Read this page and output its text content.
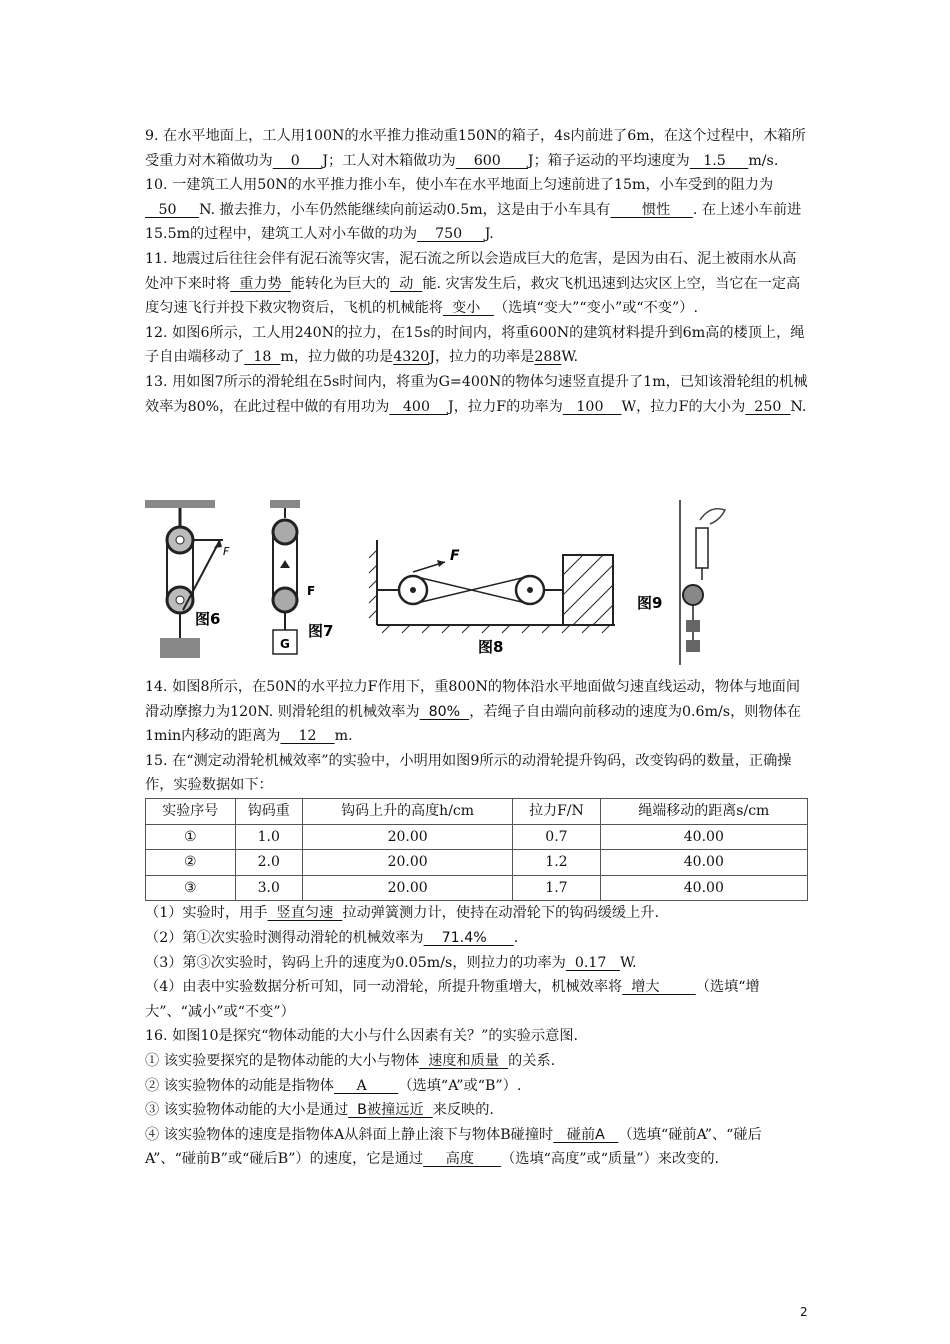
9. 在水平地面上，工人用100N的水平推力推动重150N的箱子，4s内前进了6m，在这个过程中，木箱所受重力对木箱做功为    0     J；工人对木箱做功为    600      J；箱子运动的平均速度为   1.5     m/s.

10. 一建筑工人用50N的水平推力推小车，使小车在水平地面上匀速前进了15m，小车受到的阻力为   50     N. 撤去推力，小车仍然能继续向前运动0.5m，这是由于小车具有       惯性     . 在上述小车前进15.5m的过程中，建筑工人对小车做的功为    750     J.

11. 地震过后往往会伴有泥石流等灾害，泥石流之所以会造成巨大的危害，是因为由石、泥土被雨水从高处冲下来时将  重力势  能转化为巨大的  动  能. 灾害发生后，救灾飞机迅速到达灾区上空，当它在一定高度匀速飞行并投下救灾物资后，飞机的机械能将  变小   （选填“变大”“变小”或“不变”）.

12. 如图6所示，工人用240N的拉力，在15s的时间内，将重600N的建筑材料提升到6m高的楼顶上，绳子自由端移动了  18  m，拉力做的功是4320J，拉力的功率是288W.

13. 用如图7所示的滑轮组在5s时间内，将重为G=400N的物体匀速竖直提升了1m，已知该滑轮组的机械效率为80%，在此过程中做的有用功为   400    J，拉力F的功率为   100    W，拉力F的大小为  250  N.

F
图6
F
G
图7
F
图8
图9

14. 如图8所示，在50N的水平拉力F作用下，重800N的物体沿水平地面做匀速直线运动，物体与地面间滑动摩擦力为120N. 则滑轮组的机械效率为  80%  ，若绳子自由端向前移动的速度为0.6m/s，则物体在1min内移动的距离为    12    m.

15. 在“测定动滑轮机械效率”的实验中，小明用如图9所示的动滑轮提升钩码，改变钩码的数量，正确操作，实验数据如下：

实验序号	钩码重	钩码上升的高度h/cm	拉力F/N	绳端移动的距离s/cm
①	1.0	20.00	0.7	40.00
②	2.0	20.00	1.2	40.00
③	3.0	20.00	1.7	40.00

（1）实验时，用手  竖直匀速  拉动弹簧测力计，使持在动滑轮下的钩码缓缓上升.

（2）第①次实验时测得动滑轮的机械效率为    71.4%      .

（3）第③次实验时，钩码上升的速度为0.05m/s，则拉力的功率为  0.17   W.

（4）由表中实验数据分析可知，同一动滑轮，所提升物重增大，机械效率将  增大        （选填“增大”、“减小”或“不变”）

16. 如图10是探究“物体动能的大小与什么因素有关？”的实验示意图.

① 该实验要探究的是物体动能的大小与物体  速度和质量  的关系.

② 该实验物体的动能是指物体     A       （选填“A”或“B”）.

③ 该实验物体动能的大小是通过  B被撞远近  来反映的.

④ 该实验物体的速度是指物体A从斜面上静止滚下与物体B碰撞时   碰前A   （选填“碰前A”、“碰后A”、“碰前B”或“碰后B”）的速度，它是通过     高度      （选填“高度”或“质量”）来改变的.

2
